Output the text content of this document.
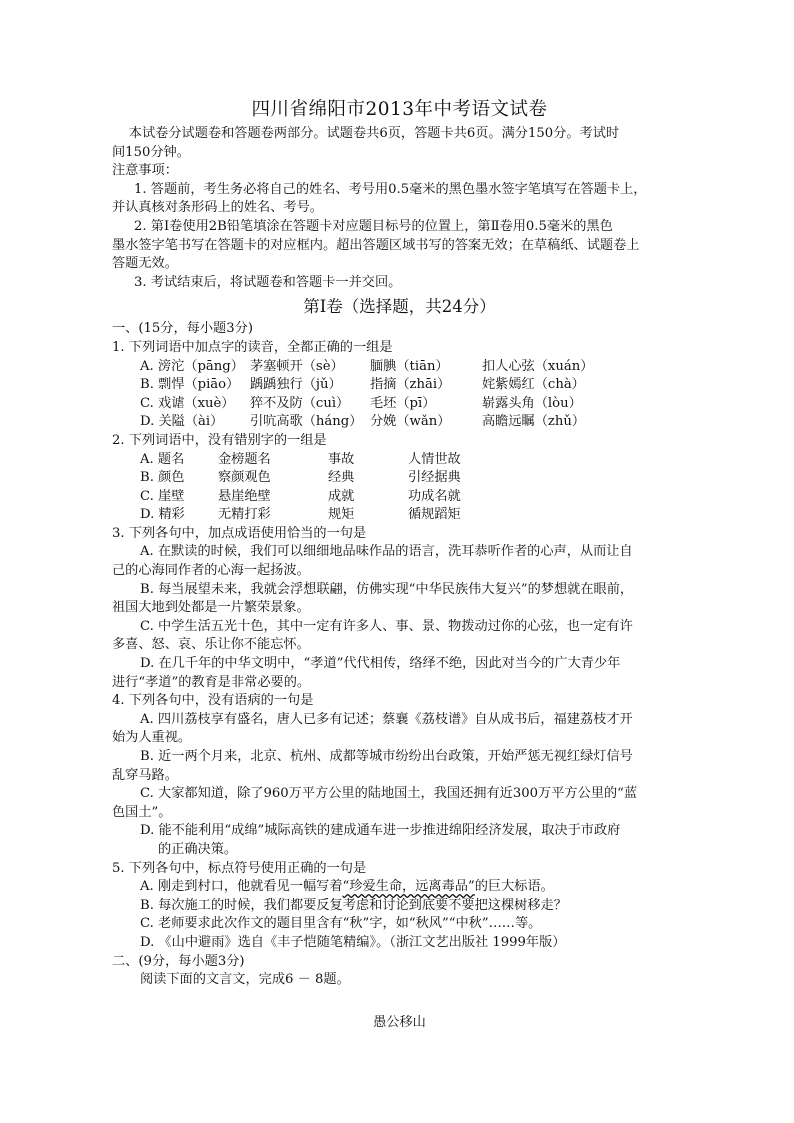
四川省绵阳市2013年中考语文试卷
本试卷分试题卷和答题卷两部分。试题卷共6页，答题卡共6页。满分150分。考试时
间150分钟。
注意事项：
1. 答题前，考生务必将自己的姓名、考号用0.5毫米的黑色墨水签字笔填写在答题卡上，
并认真核对条形码上的姓名、考号。
2. 第Ⅰ卷使用2B铅笔填涂在答题卡对应题目标号的位置上，第Ⅱ卷用0.5毫米的黑色
墨水签字笔书写在答题卡的对应框内。超出答题区域书写的答案无效；在草稿纸、试题卷上
答题无效。
3. 考试结束后，将试题卷和答题卡一并交回。
第Ⅰ卷（选择题，共24分）
一、(15分，每小题3分)
1. 下列词语中加点字的读音，全都正确的一组是
A. 滂沱（pāng） 茅塞顿开（sè）	腼腆（tiān）	扣人心弦（xuán）
B. 剽悍（piāo） 踽踽独行（jǔ）	指摘（zhāi）	姹紫嫣红（chà）
C. 戏谑（xuè）	猝不及防（cuì）	毛坯（pī）	崭露头角（lòu）
D. 关隘（ài）	引吭高歌（háng） 分娩（wǎn）	高瞻远瞩（zhǔ）
2. 下列词语中，没有错别字的一组是
A. 题名	金榜题名	事故	人情世故
B. 颜色	察颜观色	经典	引经据典
C. 崖壁	悬崖绝壁	成就	功成名就
D. 精彩	无精打彩	规矩	循规蹈矩
3. 下列各句中，加点成语使用恰当的一句是
A. 在默读的时候，我们可以细细地品味作品的语言，洗耳恭听作者的心声，从而让自
己的心海同作者的心海一起扬波。
B. 每当展望未来，我就会浮想联翩，仿佛实现“中华民族伟大复兴”的梦想就在眼前，
祖国大地到处都是一片繁荣景象。
C. 中学生活五光十色，其中一定有许多人、事、景、物拨动过你的心弦，也一定有许
多喜、怒、哀、乐让你不能忘怀。
D. 在几千年的中华文明中，“孝道”代代相传，络绎不绝，因此对当今的广大青少年
进行“孝道”的教育是非常必要的。
4. 下列各句中，没有语病的一句是
A. 四川荔枝享有盛名，唐人已多有记述；蔡襄《荔枝谱》自从成书后，福建荔枝才开
始为人重视。
B. 近一两个月来，北京、杭州、成都等城市纷纷出台政策，开始严惩无视红绿灯信号
乱穿马路。
C. 大家都知道，除了960万平方公里的陆地国土，我国还拥有近300万平方公里的“蓝
色国土”。
D. 能不能利用“成绵”城际高铁的建成通车进一步推进绵阳经济发展，取决于市政府
的正确决策。
5. 下列各句中，标点符号使用正确的一句是
A. 刚走到村口，他就看见一幅写着“珍爱生命，远离毒品”的巨大标语。
B. 每次施工的时候，我们都要反复考虑和讨论到底要不要把这棵树移走？
C. 老师要求此次作文的题目里含有“秋”字，如“秋风”“中秋”……等。
D. 《山中避雨》选自《丰子恺随笔精编》。（浙江文艺出版社 1999年版）
二、(9分，每小题3分)
阅读下面的文言文，完成6 － 8题。
愚公移山
